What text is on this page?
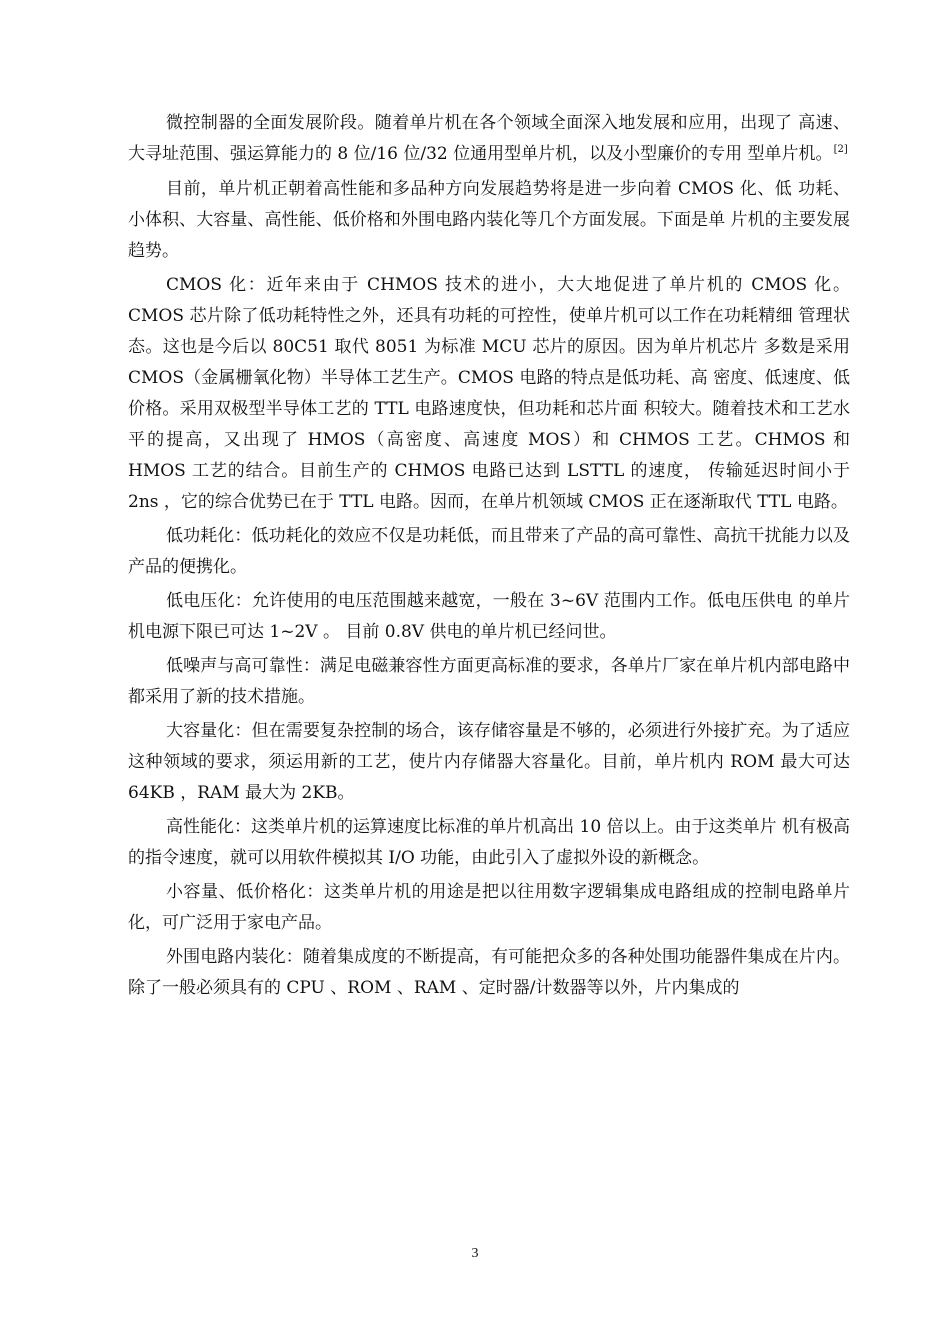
微控制器的全面发展阶段。随着单片机在各个领域全面深入地发展和应用，出现了 高速、大寻址范围、强运算能力的 8 位/16 位/32 位通用型单片机，以及小型廉价的专用 型单片机。[2]

目前，单片机正朝着高性能和多品种方向发展趋势将是进一步向着 CMOS 化、低 功耗、小体积、大容量、高性能、低价格和外围电路内装化等几个方面发展。下面是单 片机的主要发展趋势。

CMOS 化：近年来由于 CHMOS 技术的进小，大大地促进了单片机的 CMOS 化。 CMOS 芯片除了低功耗特性之外，还具有功耗的可控性，使单片机可以工作在功耗精细 管理状态。这也是今后以 80C51 取代 8051 为标准 MCU 芯片的原因。因为单片机芯片 多数是采用 CMOS（金属栅氧化物）半导体工艺生产。CMOS 电路的特点是低功耗、高 密度、低速度、低价格。采用双极型半导体工艺的 TTL 电路速度快，但功耗和芯片面 积较大。随着技术和工艺水平的提高，又出现了 HMOS（高密度、高速度 MOS）和 CHMOS 工艺。CHMOS 和 HMOS 工艺的结合。目前生产的 CHMOS 电路已达到 LSTTL 的速度， 传输延迟时间小于 2ns ，它的综合优势已在于 TTL 电路。因而，在单片机领域 CMOS 正在逐渐取代 TTL 电路。

低功耗化：低功耗化的效应不仅是功耗低，而且带来了产品的高可靠性、高抗干扰能力以及产品的便携化。

低电压化：允许使用的电压范围越来越宽，一般在 3~6V 范围内工作。低电压供电 的单片机电源下限已可达 1~2V 。 目前 0.8V 供电的单片机已经问世。

低噪声与高可靠性：满足电磁兼容性方面更高标准的要求，各单片厂家在单片机内部电路中都采用了新的技术措施。

大容量化：但在需要复杂控制的场合，该存储容量是不够的，必须进行外接扩充。为了适应这种领域的要求，须运用新的工艺，使片内存储器大容量化。目前，单片机内 ROM 最大可达 64KB ，RAM 最大为 2KB。

高性能化：这类单片机的运算速度比标准的单片机高出 10 倍以上。由于这类单片 机有极高的指令速度，就可以用软件模拟其 I/O 功能，由此引入了虚拟外设的新概念。

小容量、低价格化：这类单片机的用途是把以往用数字逻辑集成电路组成的控制电路单片化，可广泛用于家电产品。

外围电路内装化：随着集成度的不断提高，有可能把众多的各种处围功能器件集成在片内。除了一般必须具有的 CPU 、ROM 、RAM 、定时器/计数器等以外，片内集成的

3
